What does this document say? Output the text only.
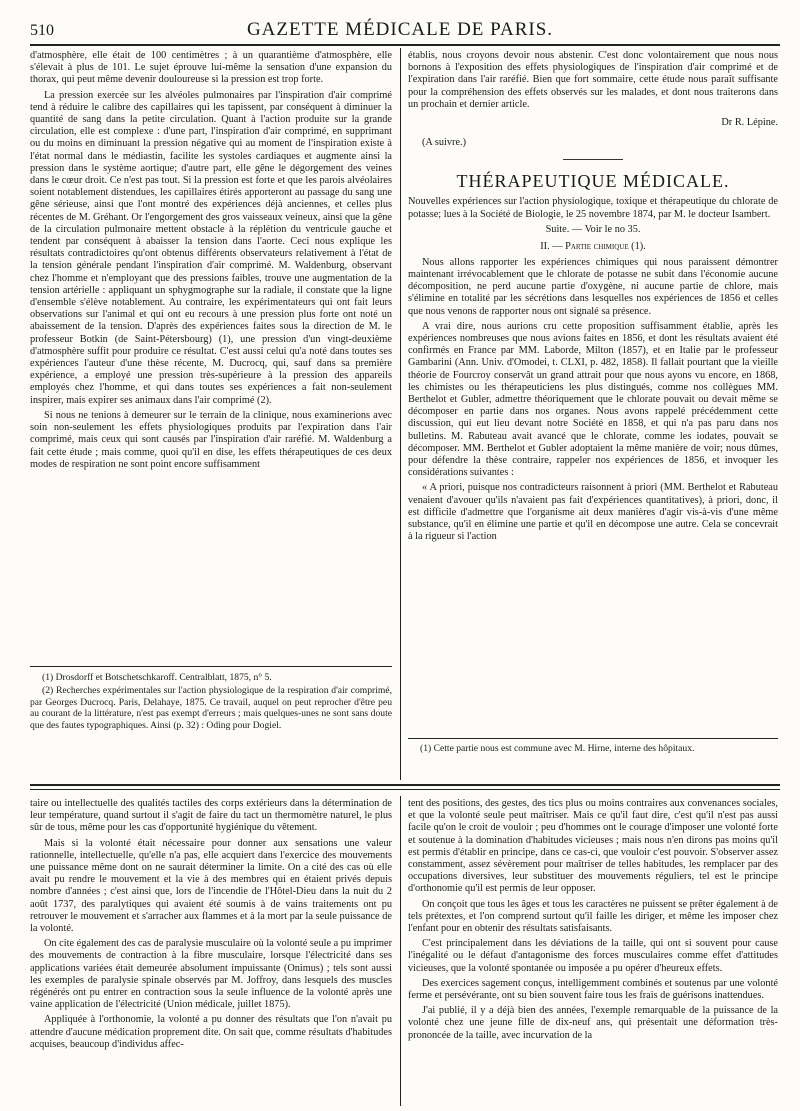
510	GAZETTE MÉDICALE DE PARIS.

d'atmosphère, elle était de 100 centimètres ; à un quarantième d'atmosphère, elle s'élevait à plus de 101. Le sujet éprouve lui-même la sensation d'une expansion du thorax, qui peut même devenir douloureuse si la pression est trop forte.

La pression exercée sur les alvéoles pulmonaires par l'inspiration d'air comprimé tend à réduire le calibre des capillaires qui les tapissent, par conséquent à diminuer la quantité de sang dans la petite circulation. Quant à l'action produite sur la grande circulation, elle est complexe : d'une part, l'inspiration d'air comprimé, en supprimant ou du moins en diminuant la pression négative qui au moment de l'inspiration existe à l'état normal dans le médiastin, facilite les systoles cardiaques et augmente ainsi la pression dans le système aortique; d'autre part, elle gêne le dégorgement des veines dans le cœur droit. Ce n'est pas tout. Si la pression est forte et que les parois alvéolaires soient notablement distendues, les capillaires étirés apporteront au passage du sang une gêne sérieuse, ainsi que l'ont montré des expériences déjà anciennes, et celles plus récentes de M. Gréhant. Or l'engorgement des gros vaisseaux veineux, ainsi que la gêne de la circulation pulmonaire mettent obstacle à la réplétion du ventricule gauche et tendent par conséquent à abaisser la tension dans l'aorte. Ceci nous explique les résultats contradictoires qu'ont obtenus différents observateurs relativement à l'état de la tension générale pendant l'inspiration d'air comprimé. M. Waldenburg, observant chez l'homme et n'employant que des pressions faibles, trouve une augmentation de la tension artérielle : appliquant un sphygmographe sur la radiale, il constate que la ligne d'ensemble s'élève notablement. Au contraire, les expérimentateurs qui ont fait leurs observations sur l'animal et qui ont eu recours à une pression plus forte ont noté un abaissement de la tension. D'après des expériences faites sous la direction de M. le professeur Botkin (de Saint-Pétersbourg) (1), une pression d'un vingt-deuxième d'atmosphère suffit pour produire ce résultat. C'est aussi celui qu'a noté dans toutes ses expériences l'auteur d'une thèse récente, M. Ducrocq, qui, sauf dans sa première expérience, a employé une pression très-supérieure à la pression des appareils employés chez l'homme, et qui dans toutes ses expériences a fait non-seulement inspirer, mais expirer ses animaux dans l'air comprimé (2).

Si nous ne tenions à demeurer sur le terrain de la clinique, nous examinerions avec soin non-seulement les effets physiologiques produits par l'expiration dans l'air comprimé, mais ceux qui sont causés par l'inspiration d'air raréfié. M. Waldenburg a fait cette étude ; mais comme, quoi qu'il en dise, les effets thérapeutiques de ces deux modes de respiration ne sont point encore suffisamment

(1) Drosdorff et Botschetschkaroff. Centralblatt, 1875, n° 5.

(2) Recherches expérimentales sur l'action physiologique de la respiration d'air comprimé, par Georges Ducrocq. Paris, Delahaye, 1875. Ce travail, auquel on peut reprocher d'être peu au courant de la littérature, n'est pas exempt d'erreurs ; mais quelques-unes ne sont sans doute que des fautes typographiques. Ainsi (p. 32) : Oding pour Dogiel.

établis, nous croyons devoir nous abstenir. C'est donc volontairement que nous nous bornons à l'exposition des effets physiologiques de l'inspiration d'air comprimé et de l'expiration dans l'air raréfié. Bien que fort sommaire, cette étude nous paraît suffisante pour la compréhension des effets observés sur les malades, et dont nous traiterons dans un prochain et dernier article.

Dr R. Lépine.

(A suivre.)

THÉRAPEUTIQUE MÉDICALE.

Nouvelles expériences sur l'action physiologique, toxique et thérapeutique du chlorate de potasse; lues à la Société de Biologie, le 25 novembre 1874, par M. le docteur Isambert.

Suite. — Voir le no 35.

II. — Partie chimique (1).

Nous allons rapporter les expériences chimiques qui nous paraissent démontrer maintenant irrévocablement que le chlorate de potasse ne subit dans l'économie aucune décomposition, ne perd aucune partie d'oxygène, ni aucune partie de chlore, mais s'élimine en totalité par les sécrétions dans lesquelles nos expériences de 1856 et celles que nous venons de rapporter nous ont signalé sa présence.

A vrai dire, nous aurions cru cette proposition suffisamment établie, après les expériences nombreuses que nous avions faites en 1856, et dont les résultats avaient été confirmés en France par MM. Laborde, Milton (1857), et en Italie par le professeur Gambarini (Ann. Univ. d'Omodei, t. CLXI, p. 482, 1858). Il fallait pourtant que la vieille théorie de Fourcroy conservât un grand attrait pour que nous ayons vu encore, en 1868, les chimistes ou les thérapeuticiens les plus distingués, comme nos collègues MM. Berthelot et Gubler, admettre théoriquement que le chlorate pouvait ou devait même se décomposer en partie dans nos organes. Nous avons rappelé précédemment cette discussion, qui eut lieu devant notre Société en 1858, et qui n'a pas paru dans nos bulletins. M. Rabuteau avait avancé que le chlorate, comme les iodates, pouvait se décomposer. MM. Berthelot et Gubler adoptaient la même manière de voir; nous dûmes, pour défendre la thèse contraire, rappeler nos expériences de 1856, et invoquer les considérations suivantes :

« A priori, puisque nos contradicteurs raisonnent à priori (MM. Berthelot et Rabuteau venaient d'avouer qu'ils n'avaient pas fait d'expériences quantitatives), à priori, donc, il est difficile d'admettre que l'organisme ait deux manières d'agir vis-à-vis d'une même substance, qu'il en élimine une partie et qu'il en décompose une autre. Cela se concevrait à la rigueur si l'action

(1) Cette partie nous est commune avec M. Hirne, interne des hôpitaux.

taire ou intellectuelle des qualités tactiles des corps extérieurs dans la détermination de leur température, quand surtout il s'agit de faire du tact un thermomètre naturel, le plus sûr de tous, même pour les cas d'opportunité hygiénique du vêtement.

Mais si la volonté était nécessaire pour donner aux sensations une valeur rationnelle, intellectuelle, qu'elle n'a pas, elle acquiert dans l'exercice des mouvements une puissance même dont on ne saurait déterminer la limite. On a cité des cas où elle avait pu rendre le mouvement et la vie à des membres qui en étaient privés depuis nombre d'années ; c'est ainsi que, lors de l'incendie de l'Hôtel-Dieu dans la nuit du 2 août 1737, des paralytiques qui avaient été soumis à de vains traitements ont pu retrouver le mouvement et s'arracher aux flammes et à la mort par la seule puissance de la volonté.

On cite également des cas de paralysie musculaire où la volonté seule a pu imprimer des mouvements de contraction à la fibre musculaire, lorsque l'électricité dans ses applications variées était demeurée absolument impuissante (Onimus) ; tels sont aussi les exemples de paralysie spinale observés par M. Joffroy, dans lesquels des muscles régénérés ont pu entrer en contraction sous la seule influence de la volonté après une vaine application de l'électricité (Union médicale, juillet 1875).

Appliquée à l'orthonomie, la volonté a pu donner des résultats que l'on n'avait pu attendre d'aucune médication proprement dite. On sait que, comme résultats d'habitudes acquises, beaucoup d'individus affec-

tent des positions, des gestes, des tics plus ou moins contraires aux convenances sociales, et que la volonté seule peut maîtriser. Mais ce qu'il faut dire, c'est qu'il n'est pas aussi facile qu'on le croit de vouloir ; peu d'hommes ont le courage d'imposer une volonté forte et soutenue à la domination d'habitudes vicieuses ; mais nous n'en dirons pas moins qu'il est permis d'établir en principe, dans ce cas-ci, que vouloir c'est pouvoir. S'observer assez constamment, assez sévèrement pour maîtriser de telles habitudes, les remplacer par des occupations diversives, leur substituer des mouvements réguliers, tel est le principe d'orthonomie qu'il est permis de leur opposer.

On conçoit que tous les âges et tous les caractères ne puissent se prêter également à de tels prétextes, et l'on comprend surtout qu'il faille les diriger, et même les imposer chez l'enfant pour en obtenir des résultats satisfaisants.

C'est principalement dans les déviations de la taille, qui ont si souvent pour cause l'inégalité ou le défaut d'antagonisme des forces musculaires comme effet d'attitudes vicieuses, que la volonté spontanée ou imposée a pu opérer d'heureux effets.

Des exercices sagement conçus, intelligemment combinés et soutenus par une volonté ferme et persévérante, ont su bien souvent faire tous les frais de guérisons inattendues.

J'ai publié, il y a déjà bien des années, l'exemple remarquable de la puissance de la volonté chez une jeune fille de dix-neuf ans, qui présentait une déformation très-prononcée de la taille, avec incurvation de la
